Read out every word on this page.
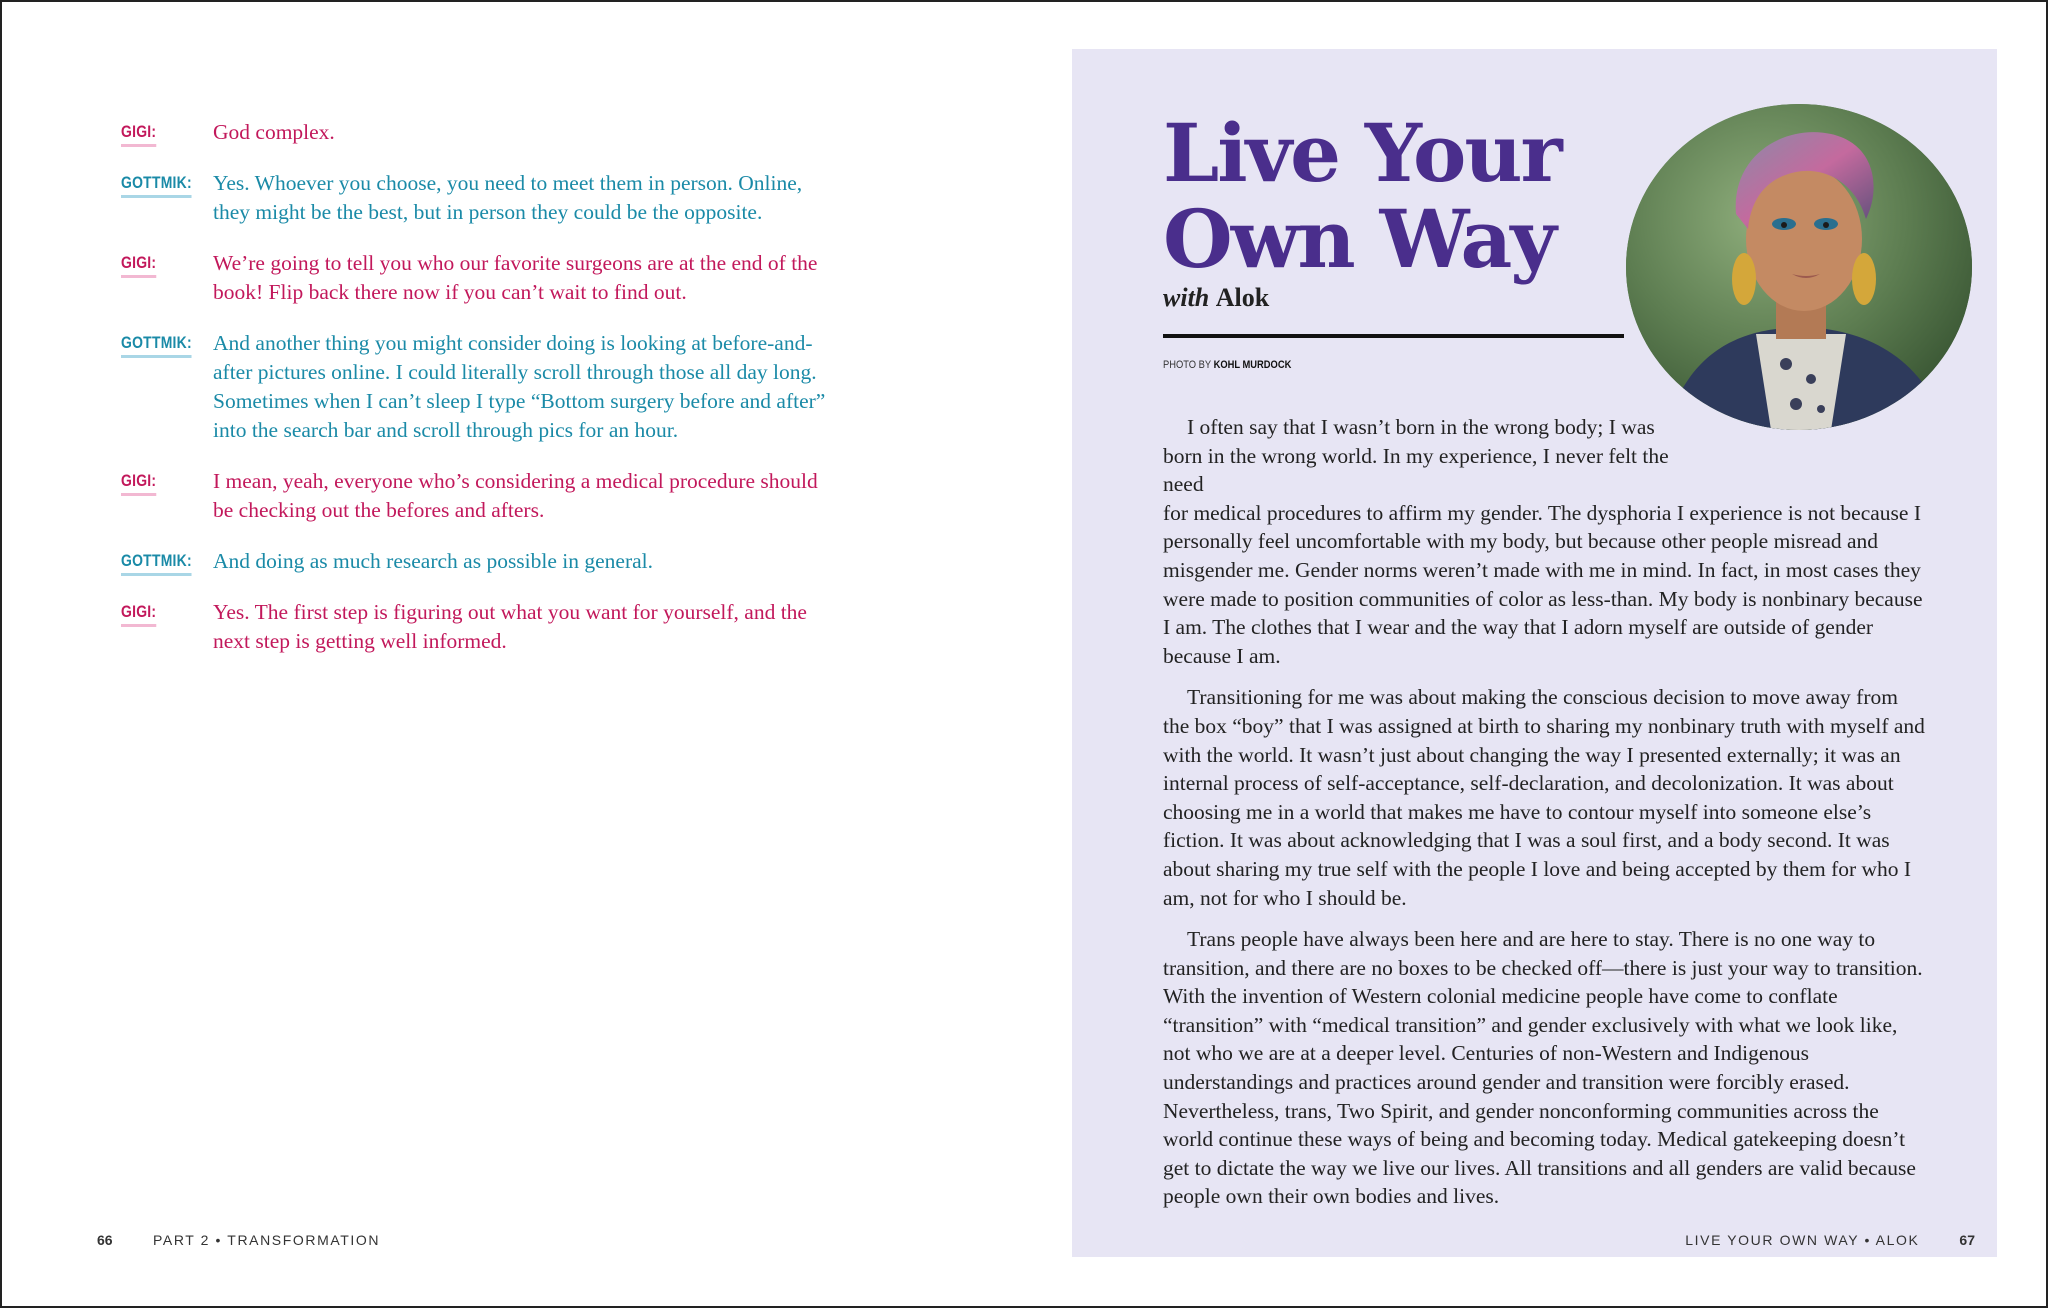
GIGI:	God complex.

GOTTMIK: Yes. Whoever you choose, you need to meet them in person. Online, they might be the best, but in person they could be the opposite.

GIGI:	We’re going to tell you who our favorite surgeons are at the end of the book! Flip back there now if you can’t wait to find out.

GOTTMIK: And another thing you might consider doing is looking at before-and-after pictures online. I could literally scroll through those all day long. Sometimes when I can’t sleep I type “Bottom surgery before and after” into the search bar and scroll through pics for an hour.

GIGI:	I mean, yeah, everyone who’s considering a medical procedure should be checking out the befores and afters.

GOTTMIK: And doing as much research as possible in general.

GIGI:	Yes. The first step is figuring out what you want for yourself, and the next step is getting well informed.

66	PART 2 • TRANSFORMATION
Live Your
Own Way
with Alok
PHOTO BY KOHL MURDOCK

I often say that I wasn’t born in the wrong body; I was
born in the wrong world. In my experience, I never felt the need
for medical procedures to affirm my gender. The dysphoria I experience is not because I personally feel uncomfortable with my body, but because other people misread and misgender me. Gender norms weren’t made with me in mind. In fact, in most cases they were made to position communities of color as less-than. My body is nonbinary because I am. The clothes that I wear and the way that I adorn myself are outside of gender because I am.

Transitioning for me was about making the conscious decision to move away from the box “boy” that I was assigned at birth to sharing my nonbinary truth with myself and with the world. It wasn’t just about changing the way I presented externally; it was an internal process of self-acceptance, self-declaration, and decolonization. It was about choosing me in a world that makes me have to contour myself into someone else’s fiction. It was about acknowledging that I was a soul first, and a body second. It was about sharing my true self with the people I love and being accepted by them for who I am, not for who I should be.

Trans people have always been here and are here to stay. There is no one way to transition, and there are no boxes to be checked off—there is just your way to transition. With the invention of Western colonial medicine people have come to conflate “transition” with “medical transition” and gender exclusively with what we look like, not who we are at a deeper level. Centuries of non-Western and Indigenous understandings and practices around gender and transition were forcibly erased. Nevertheless, trans, Two Spirit, and gender nonconforming communities across the world continue these ways of being and becoming today. Medical gatekeeping doesn’t get to dictate the way we live our lives. All transitions and all genders are valid because people own their own bodies and lives.

LIVE YOUR OWN WAY • ALOK	67
